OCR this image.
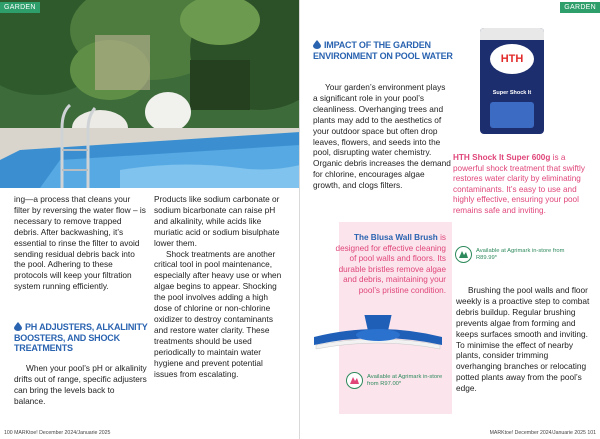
GARDEN

ing—a process that cleans your filter by reversing the water flow – is necessary to remove trapped debris. After backwashing, it’s essential to rinse the filter to avoid sending residual debris back into the pool. Adhering to these protocols will keep your filtration system running efficiently.

PH ADJUSTERS, ALKALINITY BOOSTERS, AND SHOCK TREATMENTS

When your pool’s pH or alkalinity drifts out of range, specific adjusters can bring the levels back to balance.

Products like sodium carbonate or sodium bicarbonate can raise pH and alkalinity, while acids like muriatic acid or sodium bisulphate lower them.

Shock treatments are another critical tool in pool maintenance, especially after heavy use or when algae begins to appear. Shocking the pool involves adding a high dose of chlorine or non-chlorine oxidizer to destroy contaminants and restore water clarity. These treatments should be used periodically to maintain water hygiene and prevent potential issues from escalating.

100 MARKtoe! December 2024/Januarie 2025
GARDEN
IMPACT OF THE GARDEN ENVIRONMENT ON POOL WATER

Your garden’s environment plays a significant role in your pool’s cleanliness. Overhanging trees and plants may add to the aesthetics of your outdoor space but often drop leaves, flowers, and seeds into the pool, disrupting water chemistry. Organic debris increases the demand for chlorine, encourages algae growth, and clogs filters.

The Blusa Wall Brush is designed for effective cleaning of pool walls and floors. Its durable bristles remove algae and debris, maintaining your pool’s pristine condition.
Available at Agrimark in-store from R97.00*
HTH
Super Shock It
HTH Shock It Super 600g is a powerful shock treatment that swiftly restores water clarity by eliminating contaminants. It’s easy to use and highly effective, ensuring your pool remains safe and inviting.
Available at Agrimark in-store from R89.99*

Brushing the pool walls and floor weekly is a proactive step to combat debris buildup. Regular brushing prevents algae from forming and keeps surfaces smooth and inviting. To minimise the effect of nearby plants, consider trimming overhanging branches or relocating potted plants away from the pool’s edge.

MARKtoe! December 2024/Januarie 2025 101
